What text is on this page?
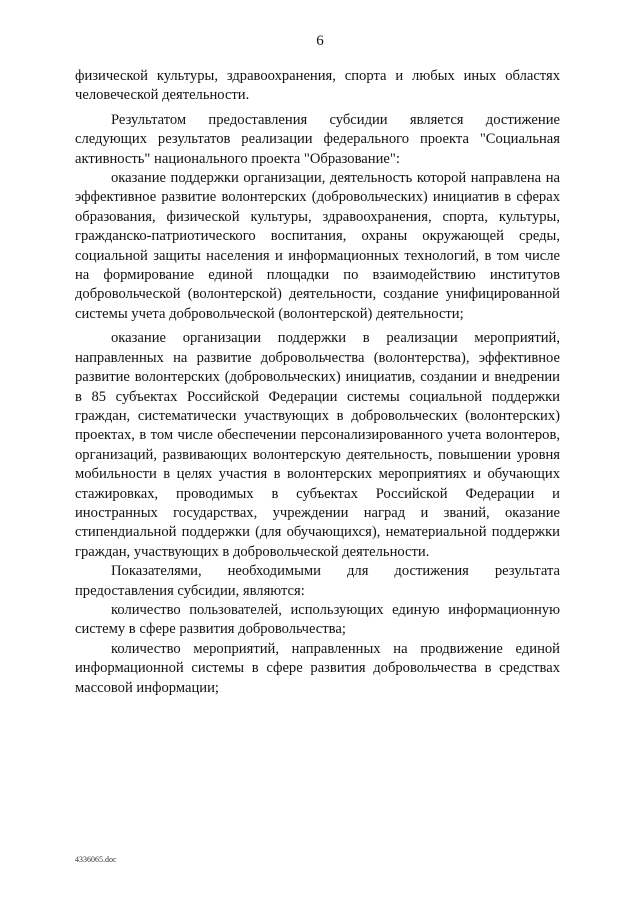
6

физической культуры, здравоохранения, спорта и любых иных областях человеческой деятельности.

Результатом предоставления субсидии является достижение следующих результатов реализации федерального проекта "Социальная активность" национального проекта "Образование":

оказание поддержки организации, деятельность которой направлена на эффективное развитие волонтерских (добровольческих) инициатив в сферах образования, физической культуры, здравоохранения, спорта, культуры, гражданско-патриотического воспитания, охраны окружающей среды, социальной защиты населения и информационных технологий, в том числе на формирование единой площадки по взаимодействию институтов добровольческой (волонтерской) деятельности, создание унифицированной системы учета добровольческой (волонтерской) деятельности;

оказание организации поддержки в реализации мероприятий, направленных на развитие добровольчества (волонтерства), эффективное развитие волонтерских (добровольческих) инициатив, создании и внедрении в 85 субъектах Российской Федерации системы социальной поддержки граждан, систематически участвующих в добровольческих (волонтерских) проектах, в том числе обеспечении персонализированного учета волонтеров, организаций, развивающих волонтерскую деятельность, повышении уровня мобильности в целях участия в волонтерских мероприятиях и обучающих стажировках, проводимых в субъектах Российской Федерации и иностранных государствах, учреждении наград и званий, оказание стипендиальной поддержки (для обучающихся), нематериальной поддержки граждан, участвующих в добровольческой деятельности.

Показателями, необходимыми для достижения результата предоставления субсидии, являются:

количество пользователей, использующих единую информационную систему в сфере развития добровольчества;

количество мероприятий, направленных на продвижение единой информационной системы в сфере развития добровольчества в средствах массовой информации;

4336065.doc
